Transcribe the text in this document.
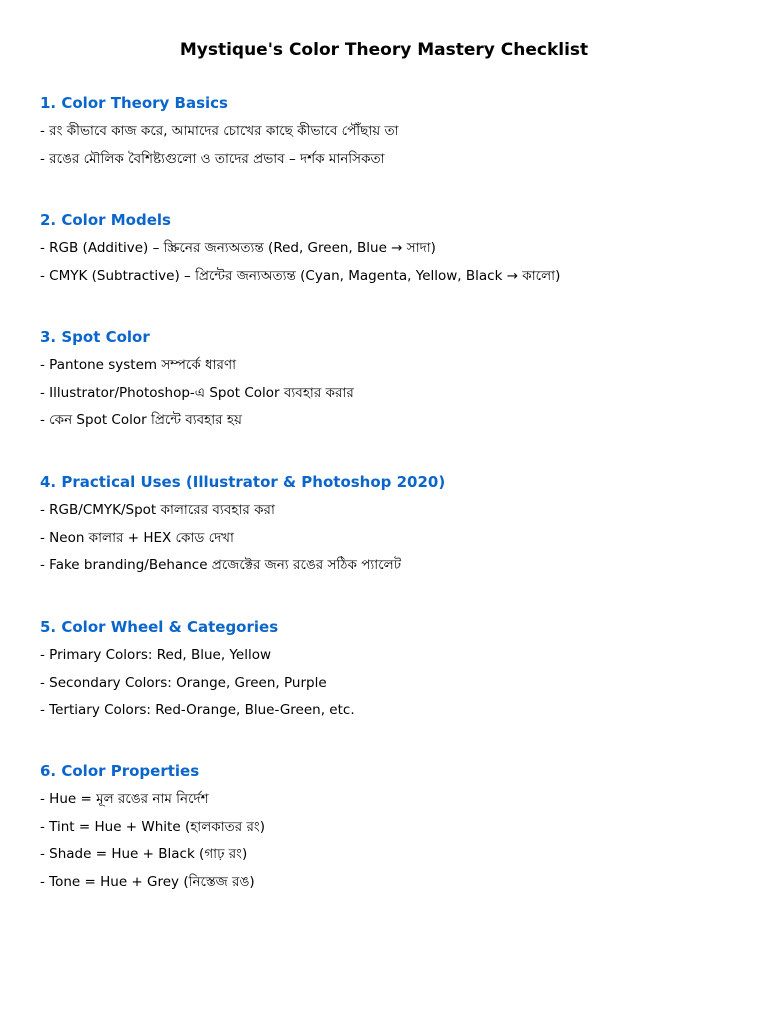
Mystique's Color Theory Mastery Checklist
1. Color Theory Basics
- রং কীভাবে কাজ করে, আমাদের চোখের কাছে কীভাবে পৌঁছায় তা
- রঙের মৌলিক বৈশিষ্ট্যগুলো ও তাদের প্রভাব – দর্শক মানসিকতা
2. Color Models
- RGB (Additive) – স্ক্রিনের জন্যঅত্যন্ত (Red, Green, Blue → সাদা)
- CMYK (Subtractive) – প্রিন্টের জন্যঅত্যন্ত (Cyan, Magenta, Yellow, Black → কালো)
3. Spot Color
- Pantone system সম্পর্কে ধারণা
- Illustrator/Photoshop-এ Spot Color ব্যবহার করার
- কেন Spot Color প্রিন্টে ব্যবহার হয়
4. Practical Uses (Illustrator & Photoshop 2020)
- RGB/CMYK/Spot কালারের ব্যবহার করা
- Neon কালার + HEX কোড দেখা
- Fake branding/Behance প্রজেক্টের জন্য রঙের সঠিক প্যালেট
5. Color Wheel & Categories
- Primary Colors: Red, Blue, Yellow
- Secondary Colors: Orange, Green, Purple
- Tertiary Colors: Red-Orange, Blue-Green, etc.
6. Color Properties
- Hue = মূল রঙের নাম নির্দেশ
- Tint = Hue + White (হালকাতর রং)
- Shade = Hue + Black (গাঢ় রং)
- Tone = Hue + Grey (নিস্তেজ রঙ)
